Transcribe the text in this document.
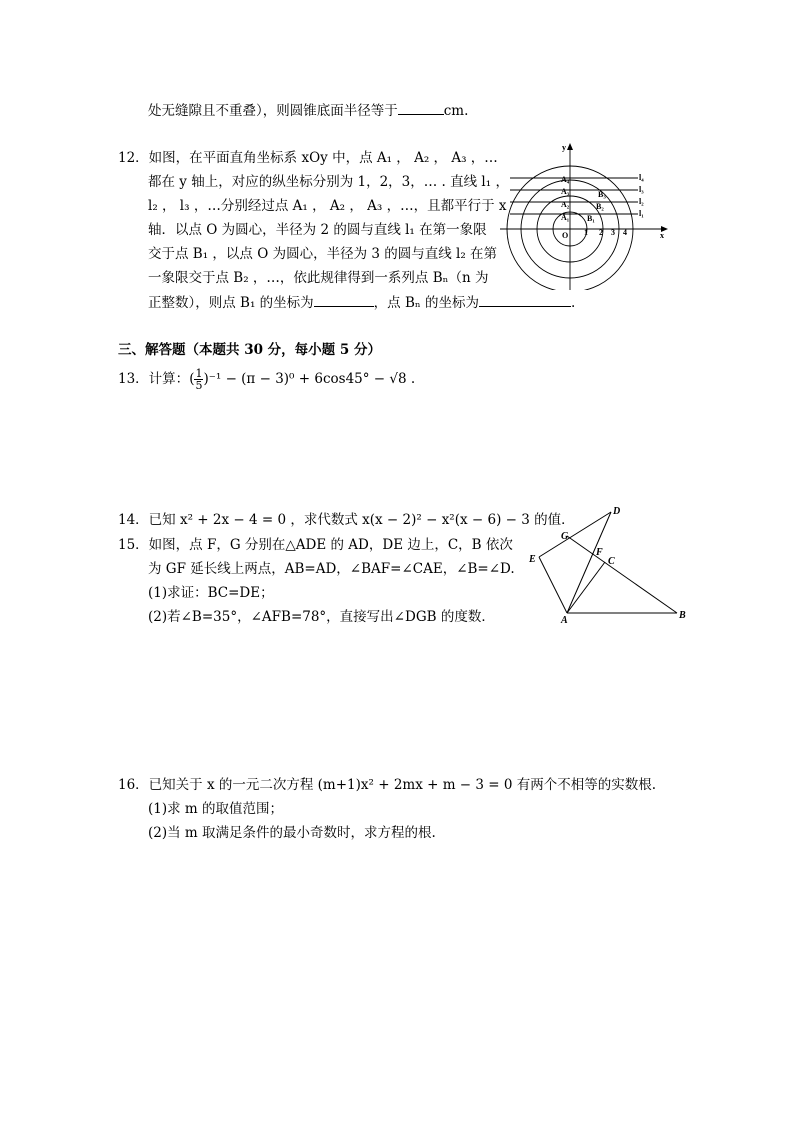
处无缝隙且不重叠），则圆锥底面半径等于	cm.
12．如图，在平面直角坐标系 xOy 中，点 A₁ ， A₂ ， A₃ ，…
都在 y 轴上，对应的纵坐标分别为 1，2，3，… . 直线 l₁ ，
l₂ ， l₃ ，…分别经过点 A₁ ， A₂ ， A₃ ，…，且都平行于 x
轴．以点 O 为圆心，半径为 2 的圆与直线 l₁ 在第一象限
交于点 B₁ ，以点 O 为圆心，半径为 3 的圆与直线 l₂ 在第
一象限交于点 B₂ ，…，依此规律得到一系列点 Bₙ（n 为
正整数），则点 B₁ 的坐标为	，点 Bₙ 的坐标为	.
y
x
O
l₄
l₃
l₂
l₁
A₄
A₃
A₂
A₁
B₃
B₂
B₁
1 2 3 4
三、解答题（本题共 30 分，每小题 5 分）
13．计算：( $\frac{1}{5} )^{-1} - (\pi - 3)^0 + 6\cos 45^\circ - √8$ .
14．已知 x² + 2x − 4 = 0 ，求代数式 x(x − 2)² − x²(x − 6) − 3 的值．
15．如图，点 F，G 分别在△ADE 的 AD，DE 边上，C，B 依次
为 GF 延长线上两点，AB=AD，∠BAF=∠CAE，∠B=∠D.
(1)求证：BC=DE；
(2)若∠B=35°，∠AFB=78°，直接写出∠DGB 的度数．	A	B
C
D
E
F
G
16．已知关于 x 的一元二次方程 (m+1)x² + 2mx + m − 3 = 0 有两个不相等的实数根.
(1)求 m 的取值范围；
(2)当 m 取满足条件的最小奇数时，求方程的根.
